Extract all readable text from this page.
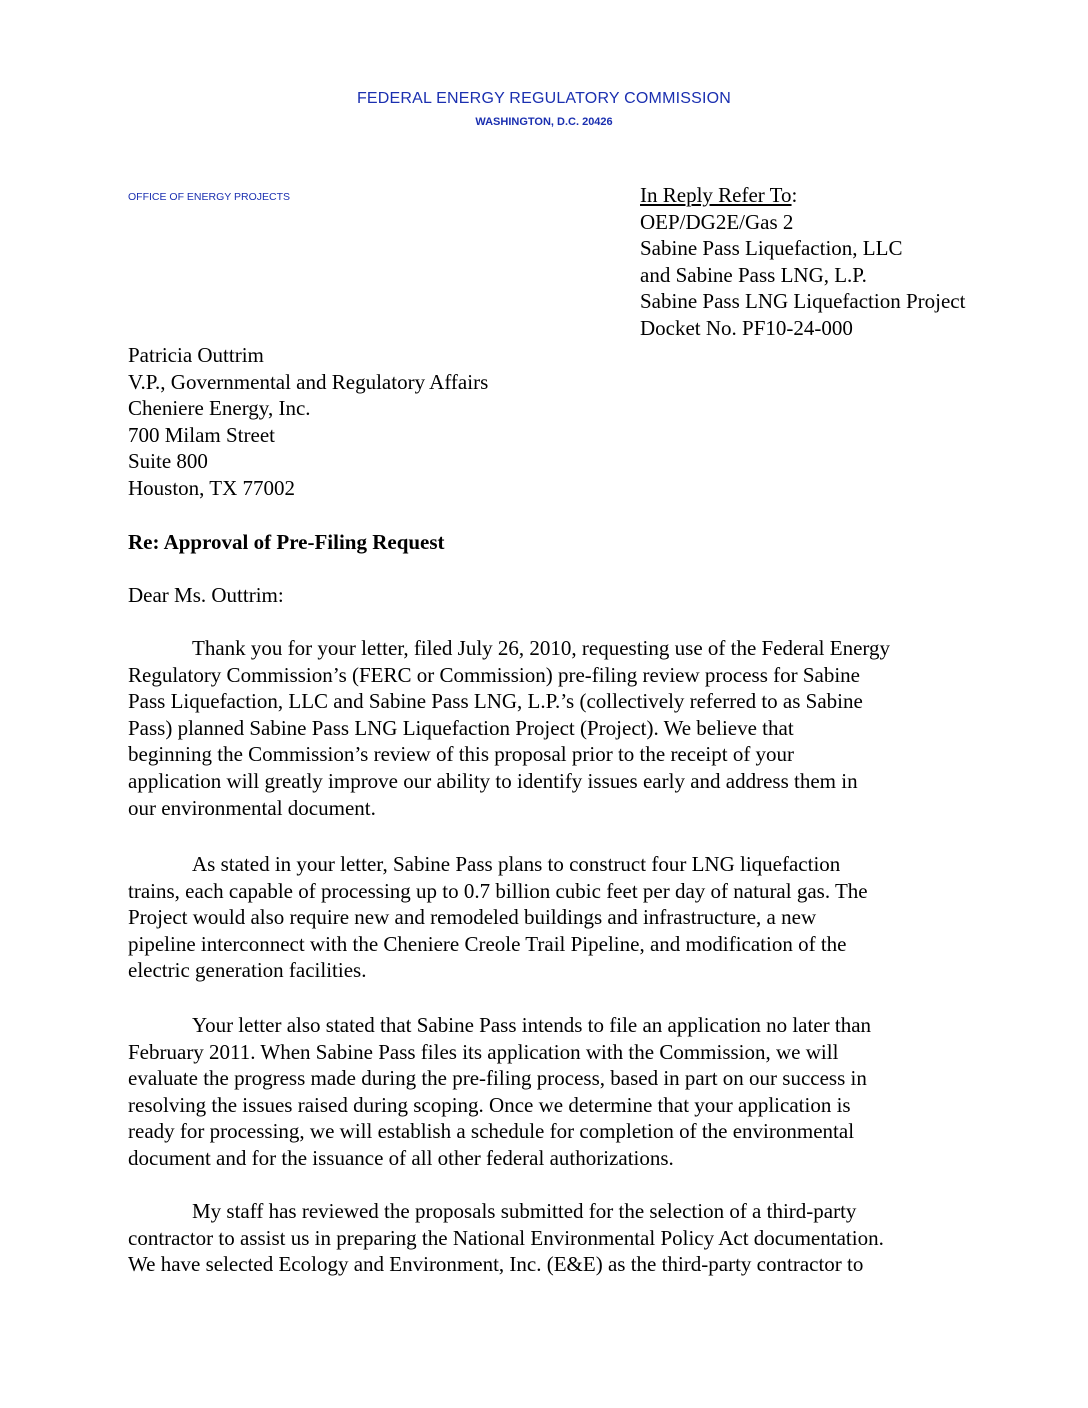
FEDERAL ENERGY REGULATORY COMMISSION
WASHINGTON, D.C. 20426
OFFICE OF ENERGY PROJECTS	In Reply Refer To:
OEP/DG2E/Gas 2
Sabine Pass Liquefaction, LLC
and Sabine Pass LNG, L.P.
Sabine Pass LNG Liquefaction Project
Docket No. PF10-24-000
Patricia Outtrim
V.P., Governmental and Regulatory Affairs
Cheniere Energy, Inc.
700 Milam Street
Suite 800
Houston, TX 77002
Re: Approval of Pre-Filing Request
Dear Ms. Outtrim:
Thank you for your letter, filed July 26, 2010, requesting use of the Federal Energy
Regulatory Commission’s (FERC or Commission) pre-filing review process for Sabine
Pass Liquefaction, LLC and Sabine Pass LNG, L.P.’s (collectively referred to as Sabine
Pass) planned Sabine Pass LNG Liquefaction Project (Project). We believe that
beginning the Commission’s review of this proposal prior to the receipt of your
application will greatly improve our ability to identify issues early and address them in
our environmental document.
As stated in your letter, Sabine Pass plans to construct four LNG liquefaction
trains, each capable of processing up to 0.7 billion cubic feet per day of natural gas. The
Project would also require new and remodeled buildings and infrastructure, a new
pipeline interconnect with the Cheniere Creole Trail Pipeline, and modification of the
electric generation facilities.
Your letter also stated that Sabine Pass intends to file an application no later than
February 2011. When Sabine Pass files its application with the Commission, we will
evaluate the progress made during the pre-filing process, based in part on our success in
resolving the issues raised during scoping. Once we determine that your application is
ready for processing, we will establish a schedule for completion of the environmental
document and for the issuance of all other federal authorizations.
My staff has reviewed the proposals submitted for the selection of a third-party
contractor to assist us in preparing the National Environmental Policy Act documentation.
We have selected Ecology and Environment, Inc. (E&E) as the third-party contractor to
